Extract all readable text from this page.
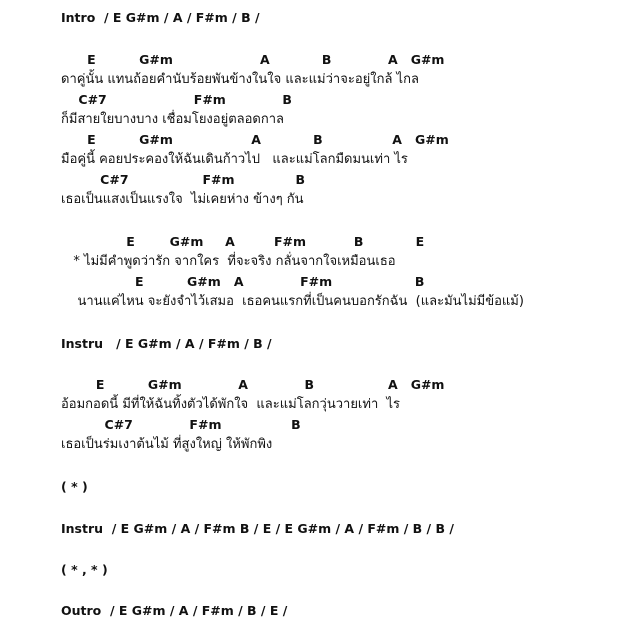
Intro  / E G#m / A / F#m / B /
E          G#m                    A            B             A   G#m
ดาคู่นั้น แทนถ้อยคำนับร้อยพันข้างในใจ และแม่ว่าจะอยู่ใกล้ ไกล
C#7                    F#m             B
ก็มีสายใยบางบาง เชื่อมโยงอยู่ตลอดกาล
E          G#m                  A            B                A   G#m
มือคู่นี้ คอยประคองให้ฉันเดินก้าวไป   และแม่โลกมืดมนเท่า ไร
C#7                 F#m              B
เธอเป็นแสงเป็นแรงใจ  ไม่เคยห่าง ข้างๆ กัน
E        G#m     A         F#m           B            E
* ไม่มีคำพูดว่ารัก จากใคร  ที่จะจริง กลั่นจากใจเหมือนเธอ
E          G#m   A             F#m                   B
นานแค่ไหน จะยังจำไว้เสมอ  เธอคนแรกที่เป็นคนบอกรักฉัน  (และมันไม่มีข้อแม้)
Instru   / E G#m / A / F#m / B /
E          G#m             A             B                 A   G#m
อ้อมกอดนี้ มีที่ให้ฉันทิ้งตัวได้พักใจ  และแม่โลกวุ่นวายเท่า  ไร
C#7             F#m                B
เธอเป็นร่มเงาต้นไม้ ที่สูงใหญ่ ให้พักพิง
( * )
Instru  / E G#m / A / F#m B / E / E G#m / A / F#m / B / B /
( * , * )
Outro  / E G#m / A / F#m / B / E /
